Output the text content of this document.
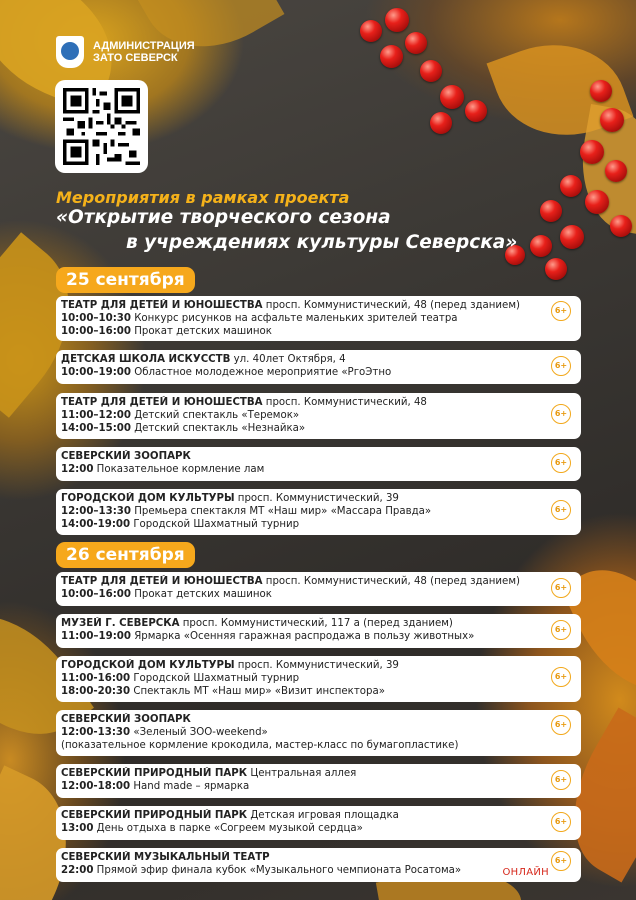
АДМИНИСТРАЦИЯ
ЗАТО СЕВЕРСК
Мероприятия в рамках проекта
«Открытие творческого сезона
в учреждениях культуры Северска»
25 сентября
ТЕАТР ДЛЯ ДЕТЕЙ И ЮНОШЕСТВА просп. Коммунистический, 48 (перед зданием)
10:00–10:30 Конкурс рисунков на асфальте маленьких зрителей театра
10:00–16:00 Прокат детских машинок
6+
ДЕТСКАЯ ШКОЛА ИСКУССТВ ул. 40лет Октября, 4
10:00–19:00 Областное молодежное мероприятие «PгоЭтно
6+
ТЕАТР ДЛЯ ДЕТЕЙ И ЮНОШЕСТВА просп. Коммунистический, 48
11:00–12:00 Детский спектакль «Теремок»
14:00–15:00 Детский спектакль «Незнайка»
6+
СЕВЕРСКИЙ ЗООПАРК
12:00 Показательное кормление лам
6+
ГОРОДСКОЙ ДОМ КУЛЬТУРЫ просп. Коммунистический, 39
12:00–13:30 Премьера спектакля МТ «Наш мир» «Массара Правда»
14:00-19:00 Городской Шахматный турнир
6+
26 сентября
ТЕАТР ДЛЯ ДЕТЕЙ И ЮНОШЕСТВА просп. Коммунистический, 48 (перед зданием)
10:00–16:00 Прокат детских машинок
6+
МУЗЕЙ Г. СЕВЕРСКА просп. Коммунистический, 117 а (перед зданием)
11:00–19:00 Ярмарка «Осенняя гаражная распродажа в пользу животных»
6+
ГОРОДСКОЙ ДОМ КУЛЬТУРЫ просп. Коммунистический, 39
11:00-16:00 Городской Шахматный турнир
18:00-20:30 Спектакль МТ «Наш мир» «Визит инспектора»
6+
СЕВЕРСКИЙ ЗООПАРК
12:00-13:30 «Зеленый ЗОО-weekend»
(показательное кормление крокодила, мастер-класс по бумагопластике)
6+
СЕВЕРСКИЙ ПРИРОДНЫЙ ПАРК Центральная аллея
12:00-18:00 Hand made – ярмарка
6+
СЕВЕРСКИЙ ПРИРОДНЫЙ ПАРК Детская игровая площадка
13:00 День отдыха в парке «Согреем музыкой сердца»
6+
СЕВЕРСКИЙ МУЗЫКАЛЬНЫЙ ТЕАТР
22:00 Прямой эфир финала кубок «Музыкального чемпионата Росатома»
6+
ОНЛАЙН
